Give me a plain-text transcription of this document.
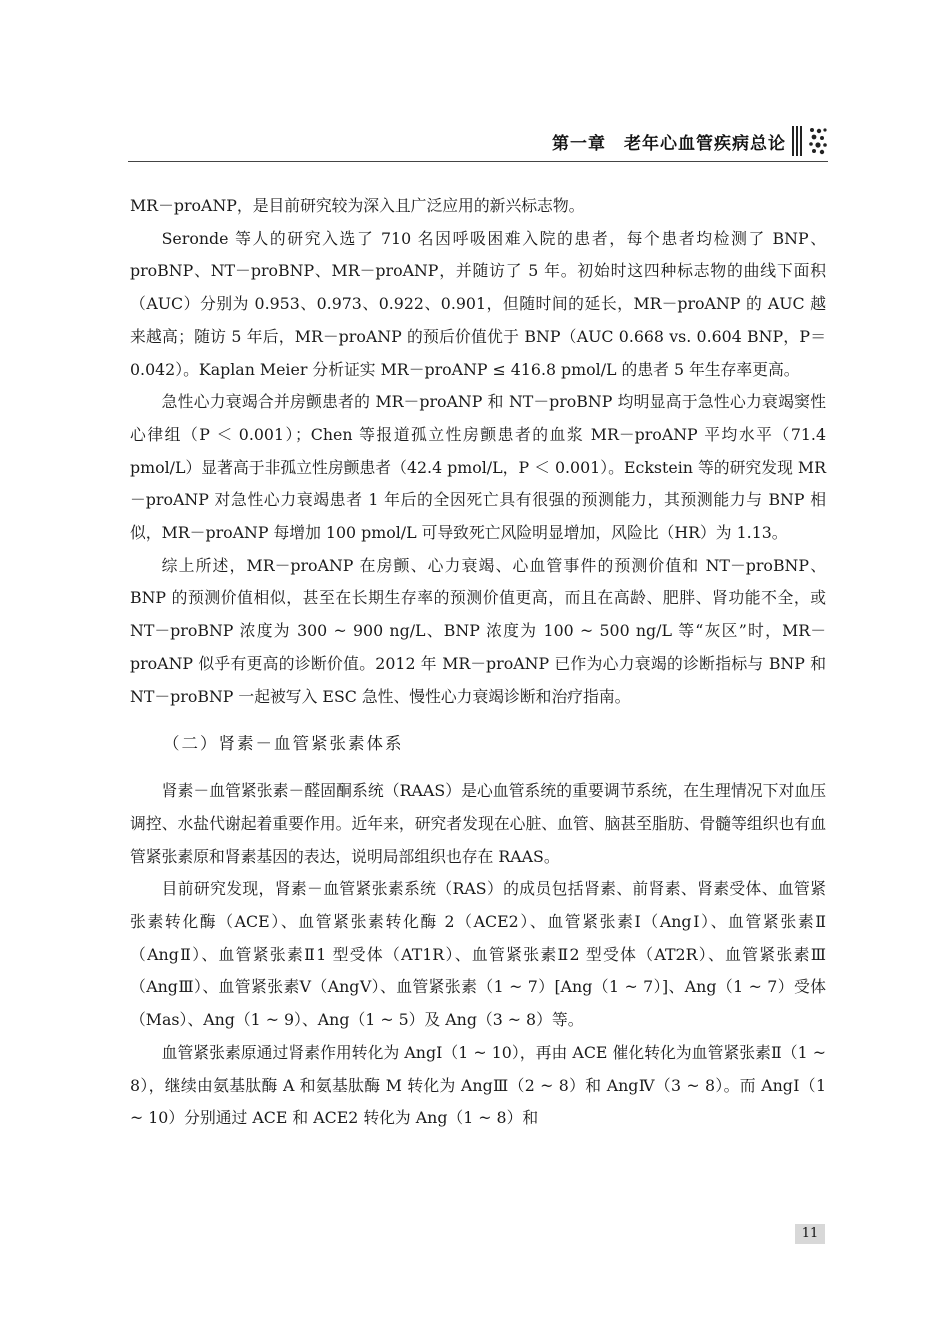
第一章 老年心血管疾病总论

MR－proANP，是目前研究较为深入且广泛应用的新兴标志物。

Seronde 等人的研究入选了 710 名因呼吸困难入院的患者，每个患者均检测了 BNP、proBNP、NT－proBNP、MR－proANP，并随访了 5 年。初始时这四种标志物的曲线下面积（AUC）分别为 0.953、0.973、0.922、0.901，但随时间的延长，MR－proANP 的 AUC 越来越高；随访 5 年后，MR－proANP 的预后价值优于 BNP（AUC 0.668 vs. 0.604 BNP，P＝0.042）。Kaplan Meier 分析证实 MR－proANP ≤ 416.8 pmol/L 的患者 5 年生存率更高。

急性心力衰竭合并房颤患者的 MR－proANP 和 NT－proBNP 均明显高于急性心力衰竭窦性心律组（P ＜ 0.001）；Chen 等报道孤立性房颤患者的血浆 MR－proANP 平均水平（71.4 pmol/L）显著高于非孤立性房颤患者（42.4 pmol/L，P ＜ 0.001）。Eckstein 等的研究发现 MR－proANP 对急性心力衰竭患者 1 年后的全因死亡具有很强的预测能力，其预测能力与 BNP 相似，MR－proANP 每增加 100 pmol/L 可导致死亡风险明显增加，风险比（HR）为 1.13。

综上所述，MR－proANP 在房颤、心力衰竭、心血管事件的预测价值和 NT－proBNP、BNP 的预测价值相似，甚至在长期生存率的预测价值更高，而且在高龄、肥胖、肾功能不全，或 NT－proBNP 浓度为 300 ~ 900 ng/L、BNP 浓度为 100 ~ 500 ng/L 等“灰区”时，MR－proANP 似乎有更高的诊断价值。2012 年 MR－proANP 已作为心力衰竭的诊断指标与 BNP 和 NT－proBNP 一起被写入 ESC 急性、慢性心力衰竭诊断和治疗指南。

（二）肾素－血管紧张素体系

肾素－血管紧张素－醛固酮系统（RAAS）是心血管系统的重要调节系统，在生理情况下对血压调控、水盐代谢起着重要作用。近年来，研究者发现在心脏、血管、脑甚至脂肪、骨髓等组织也有血管紧张素原和肾素基因的表达，说明局部组织也存在 RAAS。

目前研究发现，肾素－血管紧张素系统（RAS）的成员包括肾素、前肾素、肾素受体、血管紧张素转化酶（ACE）、血管紧张素转化酶 2（ACE2）、血管紧张素Ⅰ（AngⅠ）、血管紧张素Ⅱ（AngⅡ）、血管紧张素Ⅱ1 型受体（AT1R）、血管紧张素Ⅱ2 型受体（AT2R）、血管紧张素Ⅲ（AngⅢ）、血管紧张素Ⅴ（AngⅤ）、血管紧张素（1 ~ 7）[Ang（1 ~ 7）]、Ang（1 ~ 7）受体（Mas）、Ang（1 ~ 9）、Ang（1 ~ 5）及 Ang（3 ~ 8）等。

血管紧张素原通过肾素作用转化为 AngⅠ（1 ~ 10），再由 ACE 催化转化为血管紧张素Ⅱ（1 ~ 8），继续由氨基肽酶 A 和氨基肽酶 M 转化为 AngⅢ（2 ~ 8）和 AngⅣ（3 ~ 8）。而 AngⅠ（1 ~ 10）分别通过 ACE 和 ACE2 转化为 Ang（1 ~ 8）和

11
